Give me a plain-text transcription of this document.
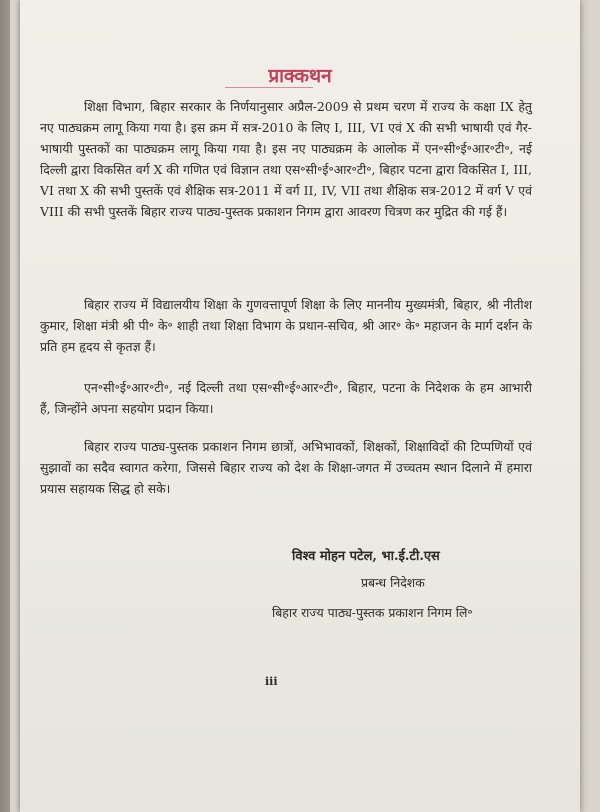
प्राक्कथन

शिक्षा विभाग, बिहार सरकार के निर्णयानुसार अप्रैल-2009 से प्रथम चरण में राज्य के कक्षा IX हेतु नए पाठ्यक्रम लागू किया गया है। इस क्रम में सत्र-2010 के लिए I, III, VI एवं X की सभी भाषायी एवं गैर-भाषायी पुस्तकों का पाठ्यक्रम लागू किया गया है। इस नए पाठ्यक्रम के आलोक में एन॰सी॰ई॰आर॰टी॰, नई दिल्ली द्वारा विकसित वर्ग X की गणित एवं विज्ञान तथा एस॰सी॰ई॰आर॰टी॰, बिहार पटना द्वारा विकसित I, III, VI तथा X की सभी पुस्तकें एवं शैक्षिक सत्र-2011 में वर्ग II, IV, VII तथा शैक्षिक सत्र-2012 में वर्ग V एवं VIII की सभी पुस्तकें बिहार राज्य पाठ्य-पुस्तक प्रकाशन निगम द्वारा आवरण चित्रण कर मुद्रित की गई हैं।

बिहार राज्य में विद्यालयीय शिक्षा के गुणवत्तापूर्ण शिक्षा के लिए माननीय मुख्यमंत्री, बिहार, श्री नीतीश कुमार, शिक्षा मंत्री श्री पी॰ के॰ शाही तथा शिक्षा विभाग के प्रधान-सचिव, श्री आर॰ के॰ महाजन के मार्ग दर्शन के प्रति हम हृदय से कृतज्ञ हैं।

एन॰सी॰ई॰आर॰टी॰, नई दिल्ली तथा एस॰सी॰ई॰आर॰टी॰, बिहार, पटना के निदेशक के हम आभारी हैं, जिन्होंने अपना सहयोग प्रदान किया।

बिहार राज्य पाठ्य-पुस्तक प्रकाशन निगम छात्रों, अभिभावकों, शिक्षकों, शिक्षाविदों की टिप्पणियों एवं सुझावों का सदैव स्वागत करेगा, जिससे बिहार राज्य को देश के शिक्षा-जगत में उच्चतम स्थान दिलाने में हमारा प्रयास सहायक सिद्ध हो सके।

विश्व मोहन पटेल, भा.ई.टी.एस
प्रबन्ध निदेशक
बिहार राज्य पाठ्य-पुस्तक प्रकाशन निगम लि॰
iii
